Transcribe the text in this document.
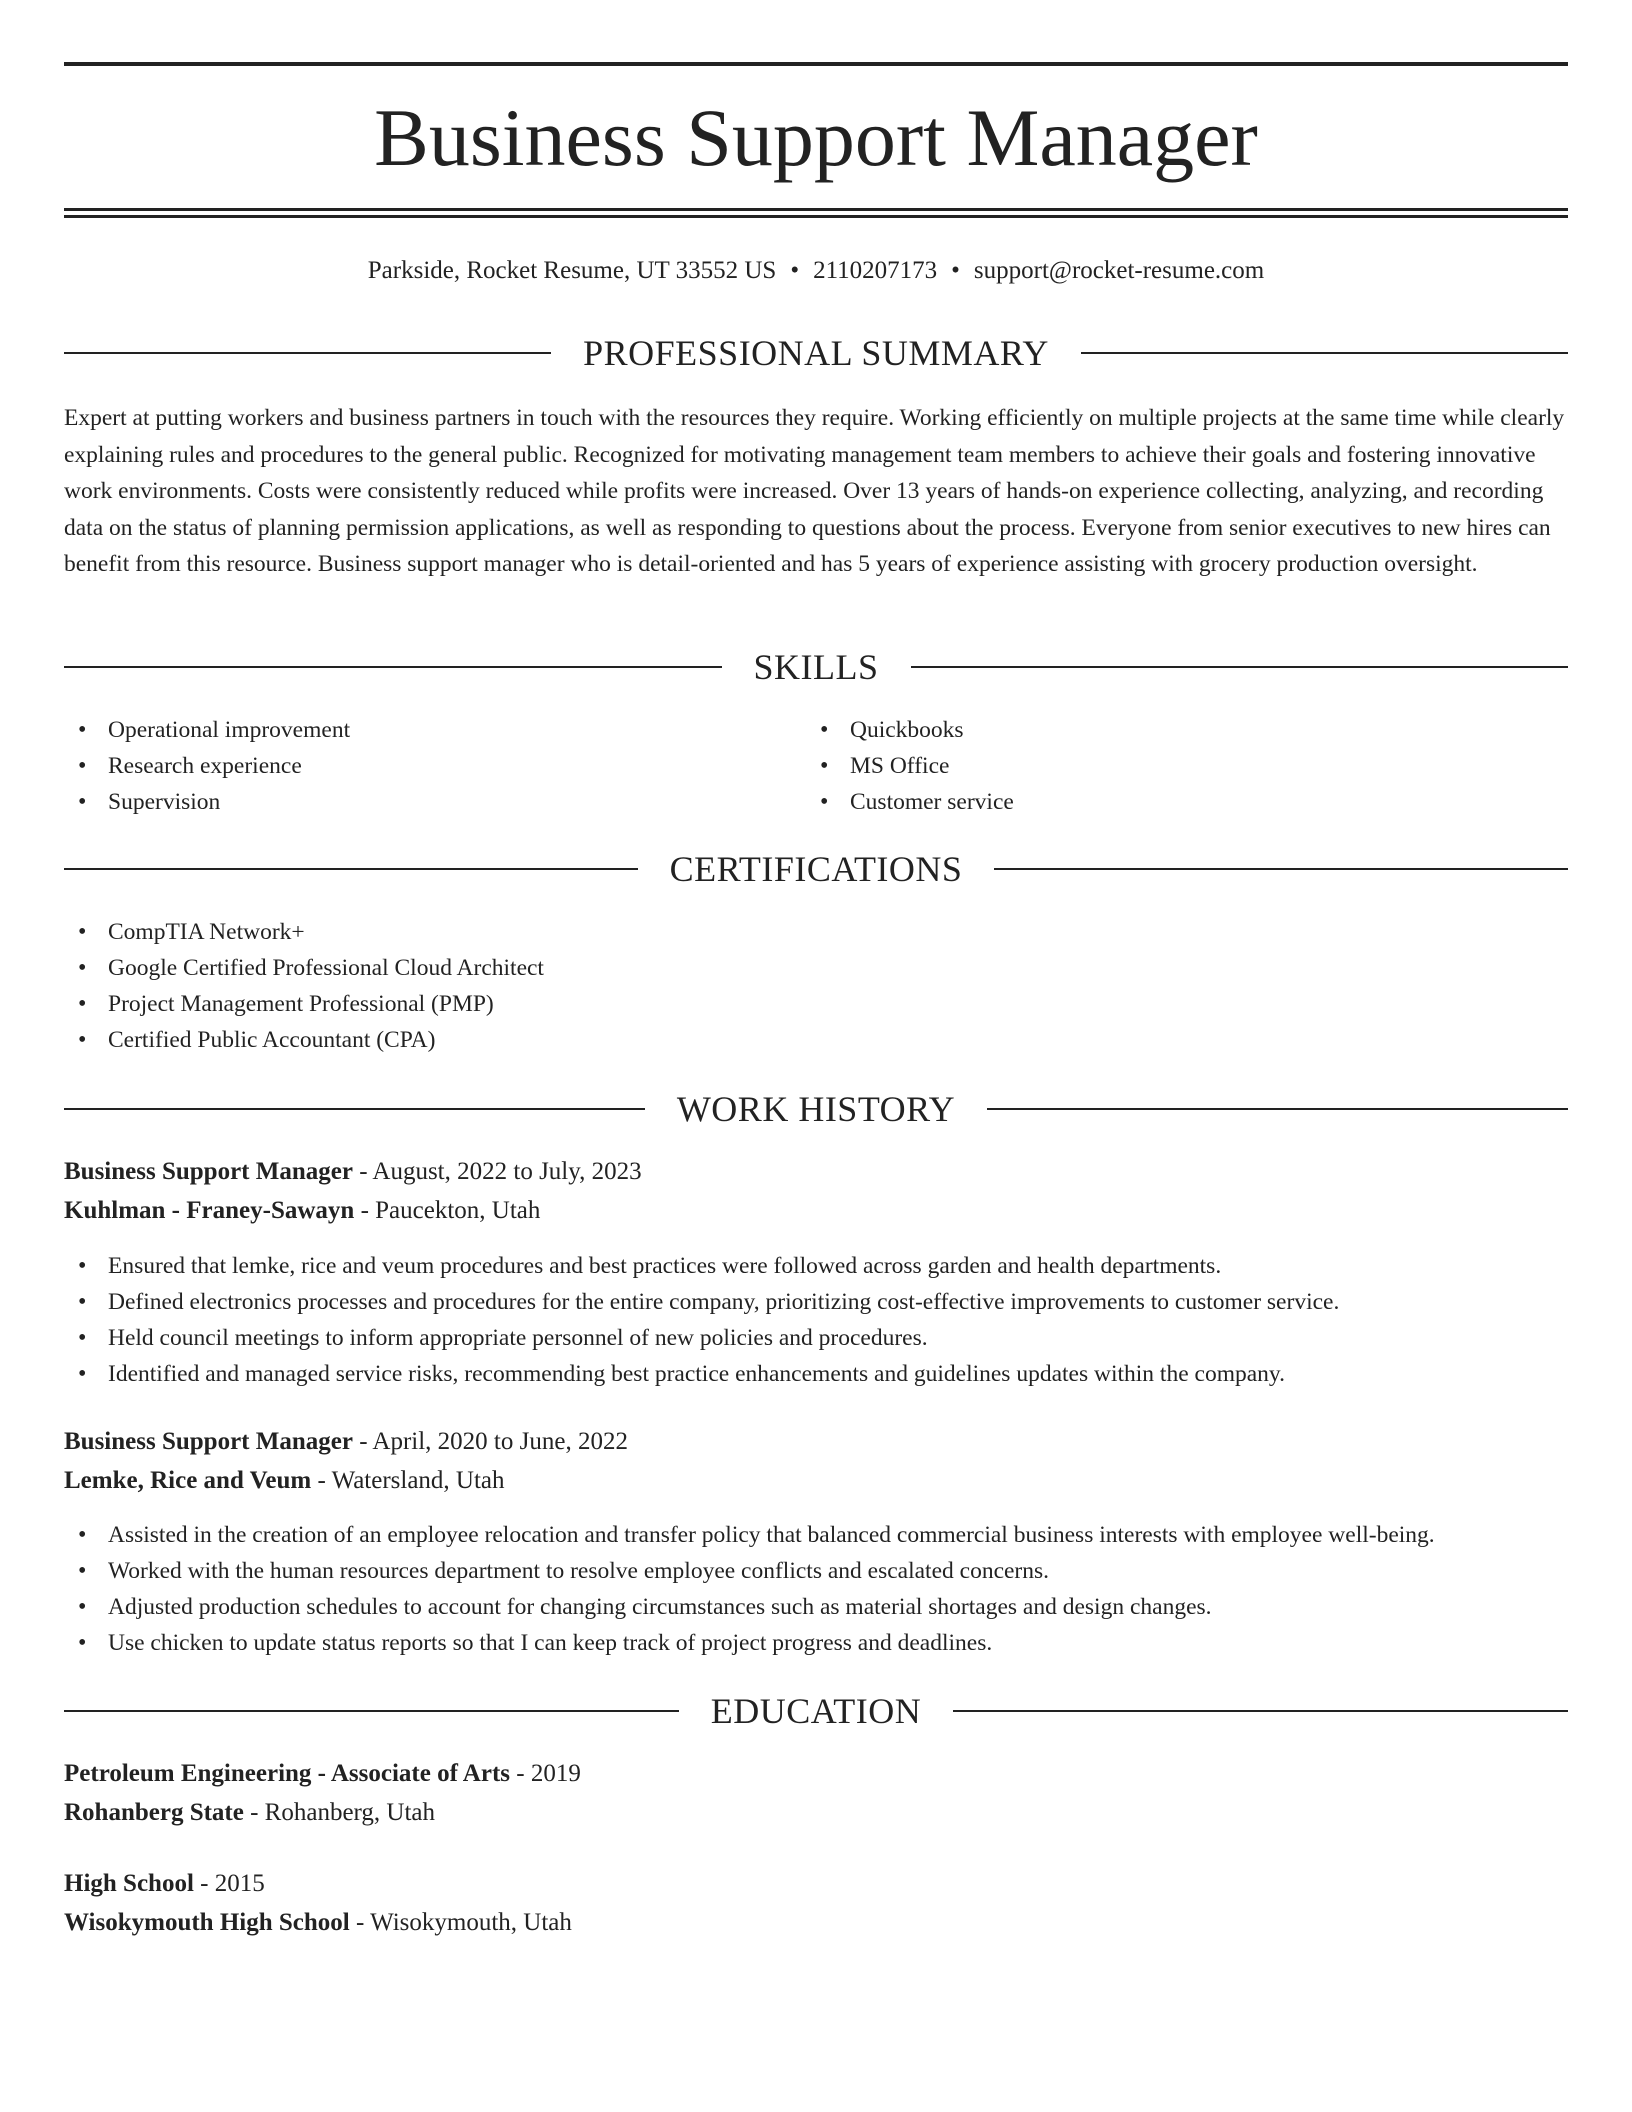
Business Support Manager
Parkside, Rocket Resume, UT 33552 US • 2110207173 • support@rocket-resume.com
PROFESSIONAL SUMMARY

Expert at putting workers and business partners in touch with the resources they require. Working efficiently on multiple projects at the same time while clearly explaining rules and procedures to the general public. Recognized for motivating management team members to achieve their goals and fostering innovative work environments. Costs were consistently reduced while profits were increased. Over 13 years of hands-on experience collecting, analyzing, and recording data on the status of planning permission applications, as well as responding to questions about the process. Everyone from senior executives to new hires can benefit from this resource. Business support manager who is detail-oriented and has 5 years of experience assisting with grocery production oversight.

SKILLS
• Operational improvement
• Research experience
• Supervision
• Quickbooks
• MS Office
• Customer service
CERTIFICATIONS
• CompTIA Network+
• Google Certified Professional Cloud Architect
• Project Management Professional (PMP)
• Certified Public Accountant (CPA)
WORK HISTORY
Business Support Manager - August, 2022 to July, 2023
Kuhlman - Franey-Sawayn - Paucekton, Utah
• Ensured that lemke, rice and veum procedures and best practices were followed across garden and health departments.
• Defined electronics processes and procedures for the entire company, prioritizing cost-effective improvements to customer service.
• Held council meetings to inform appropriate personnel of new policies and procedures.
• Identified and managed service risks, recommending best practice enhancements and guidelines updates within the company.
Business Support Manager - April, 2020 to June, 2022
Lemke, Rice and Veum - Watersland, Utah
• Assisted in the creation of an employee relocation and transfer policy that balanced commercial business interests with employee well-being.
• Worked with the human resources department to resolve employee conflicts and escalated concerns.
• Adjusted production schedules to account for changing circumstances such as material shortages and design changes.
• Use chicken to update status reports so that I can keep track of project progress and deadlines.
EDUCATION
Petroleum Engineering - Associate of Arts - 2019
Rohanberg State - Rohanberg, Utah
High School - 2015
Wisokymouth High School - Wisokymouth, Utah
